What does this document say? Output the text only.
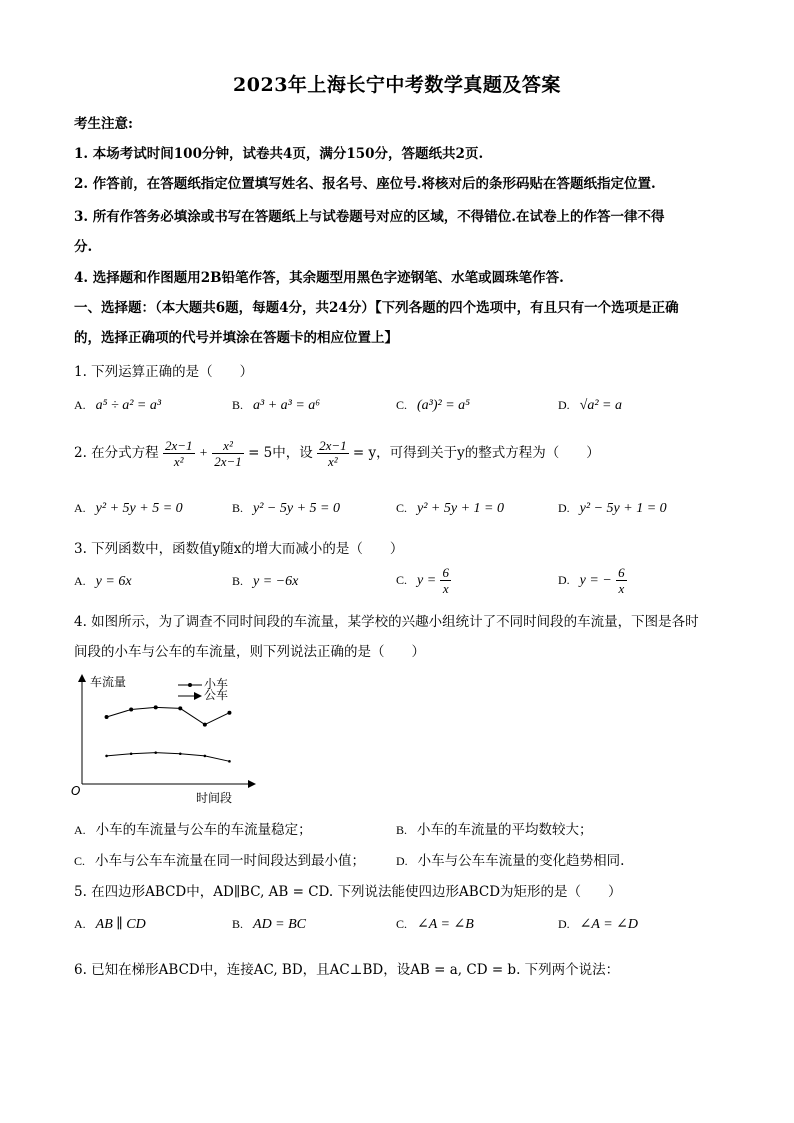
2023年上海长宁中考数学真题及答案
考生注意:
1. 本场考试时间100分钟，试卷共4页，满分150分，答题纸共2页.
2. 作答前，在答题纸指定位置填写姓名、报名号、座位号.将核对后的条形码贴在答题纸指定位置.
3. 所有作答务必填涂或书写在答题纸上与试卷题号对应的区域，不得错位.在试卷上的作答一律不得
分.
4. 选择题和作图题用2B铅笔作答，其余题型用黑色字迹钢笔、水笔或圆珠笔作答.
一、选择题：（本大题共6题，每题4分，共24分）【下列各题的四个选项中，有且只有一个选项是正确
的，选择正确项的代号并填涂在答题卡的相应位置上】
1. 下列运算正确的是（　　）
A. a⁵ ÷ a² = a³	B. a³ + a³ = a⁶	C. (a³)² = a⁵	D. √a² = a
2. 在分式方程 $\frac{2x-1}{\text{x²}} + \frac{\text{x²}}{2x-1} = 5$中，设 $\frac{2x-1}{\text{x²}} = y$，可得到关于y的整式方程为（　　）
A. y² + 5y + 5 = 0	B. y² − 5y + 5 = 0	C. y² + 5y + 1 = 0	D. y² − 5y + 1 = 0
3. 下列函数中，函数值y随x的增大而减小的是（　　）
A. y = 6x	B. y = −6x	C. $y = \frac{6}{x}$	D. y = − $\frac{6}{x}$
4. 如图所示，为了调查不同时间段的车流量，某学校的兴趣小组统计了不同时间段的车流量，下图是各时
间段的小车与公车的车流量，则下列说法正确的是（　　）
车流量
时间段
O
小车
公车
A. 小车的车流量与公车的车流量稳定；	B. 小车的车流量的平均数较大；
C. 小车与公车车流量在同一时间段达到最小值；	D. 小车与公车车流量的变化趋势相同.
5. 在四边形ABCD中，AD∥BC, AB = CD. 下列说法能使四边形ABCD为矩形的是（　　）
A. AB ∥ CD	B. AD = BC	C. ∠A = ∠B	D. ∠A = ∠D
6. 已知在梯形ABCD中，连接AC, BD，且AC⊥BD，设AB = a, CD = b. 下列两个说法：
